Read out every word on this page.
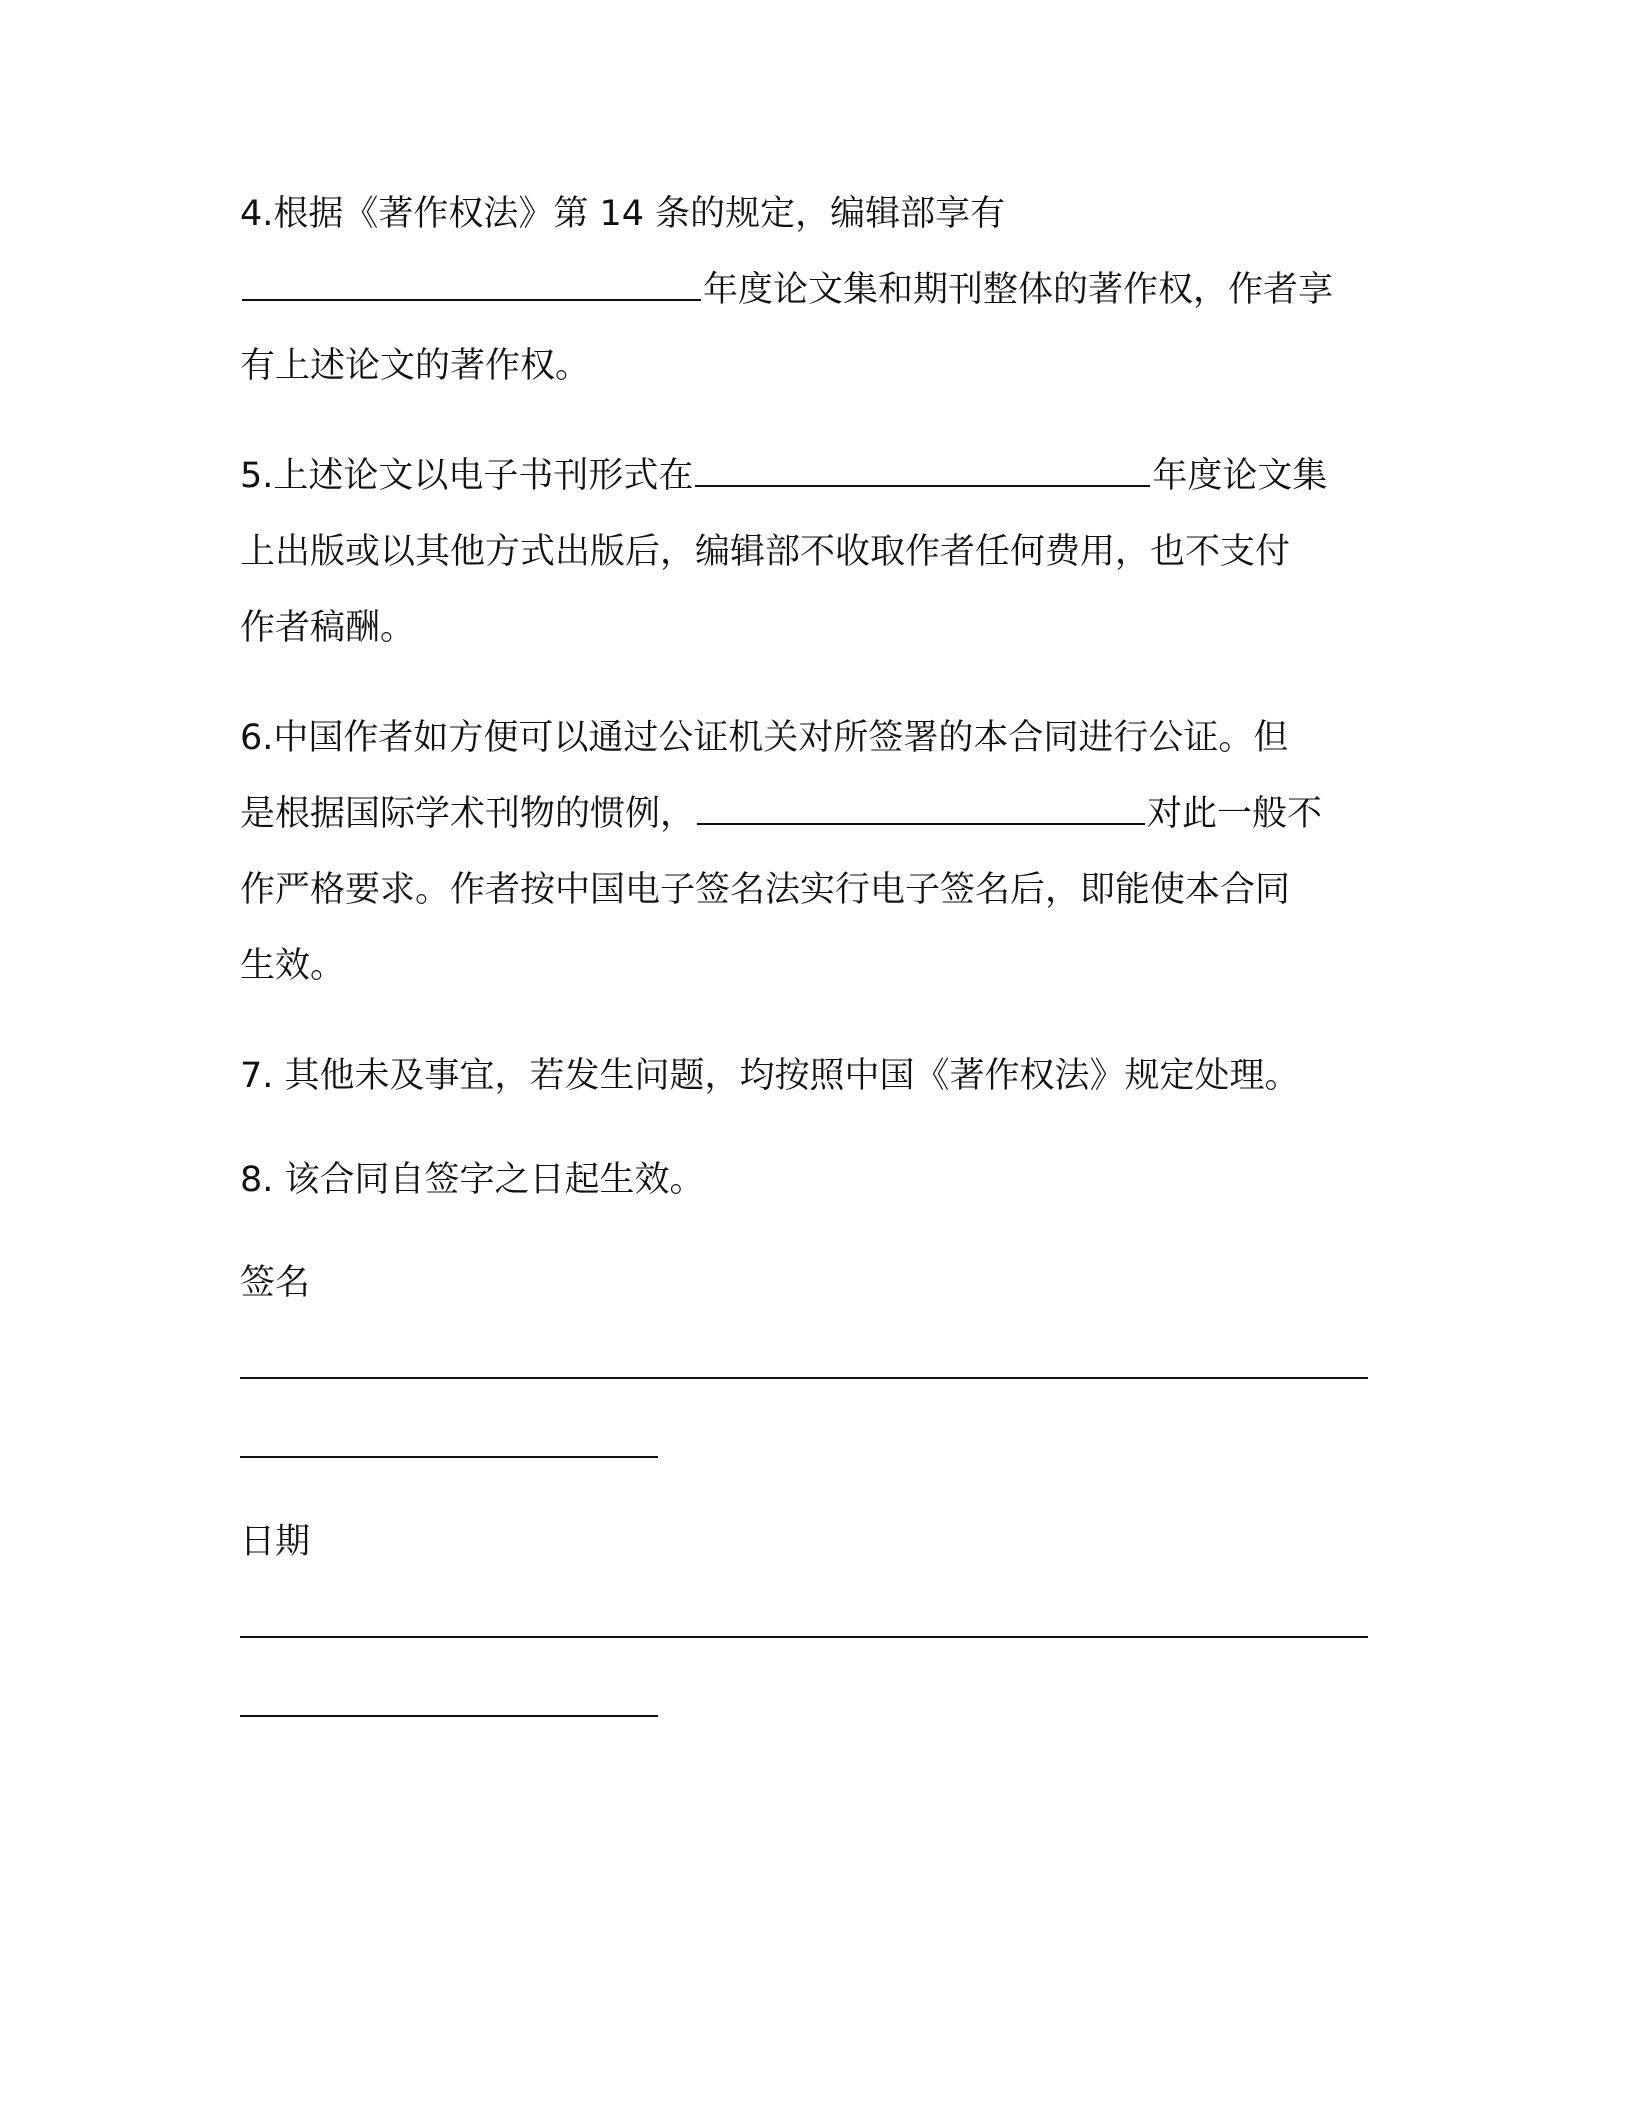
4.根据《著作权法》第 14 条的规定，编辑部享有
年度论文集和期刊整体的著作权，作者享
有上述论文的著作权。
5.上述论文以电子书刊形式在	年度论文集
上出版或以其他方式出版后，编辑部不收取作者任何费用，也不支付
作者稿酬。
6.中国作者如方便可以通过公证机关对所签署的本合同进行公证。但
是根据国际学术刊物的惯例，	对此一般不
作严格要求。作者按中国电子签名法实行电子签名后，即能使本合同
生效。
7. 其他未及事宜，若发生问题，均按照中国《著作权法》规定处理。
8. 该合同自签字之日起生效。
签名
日期
